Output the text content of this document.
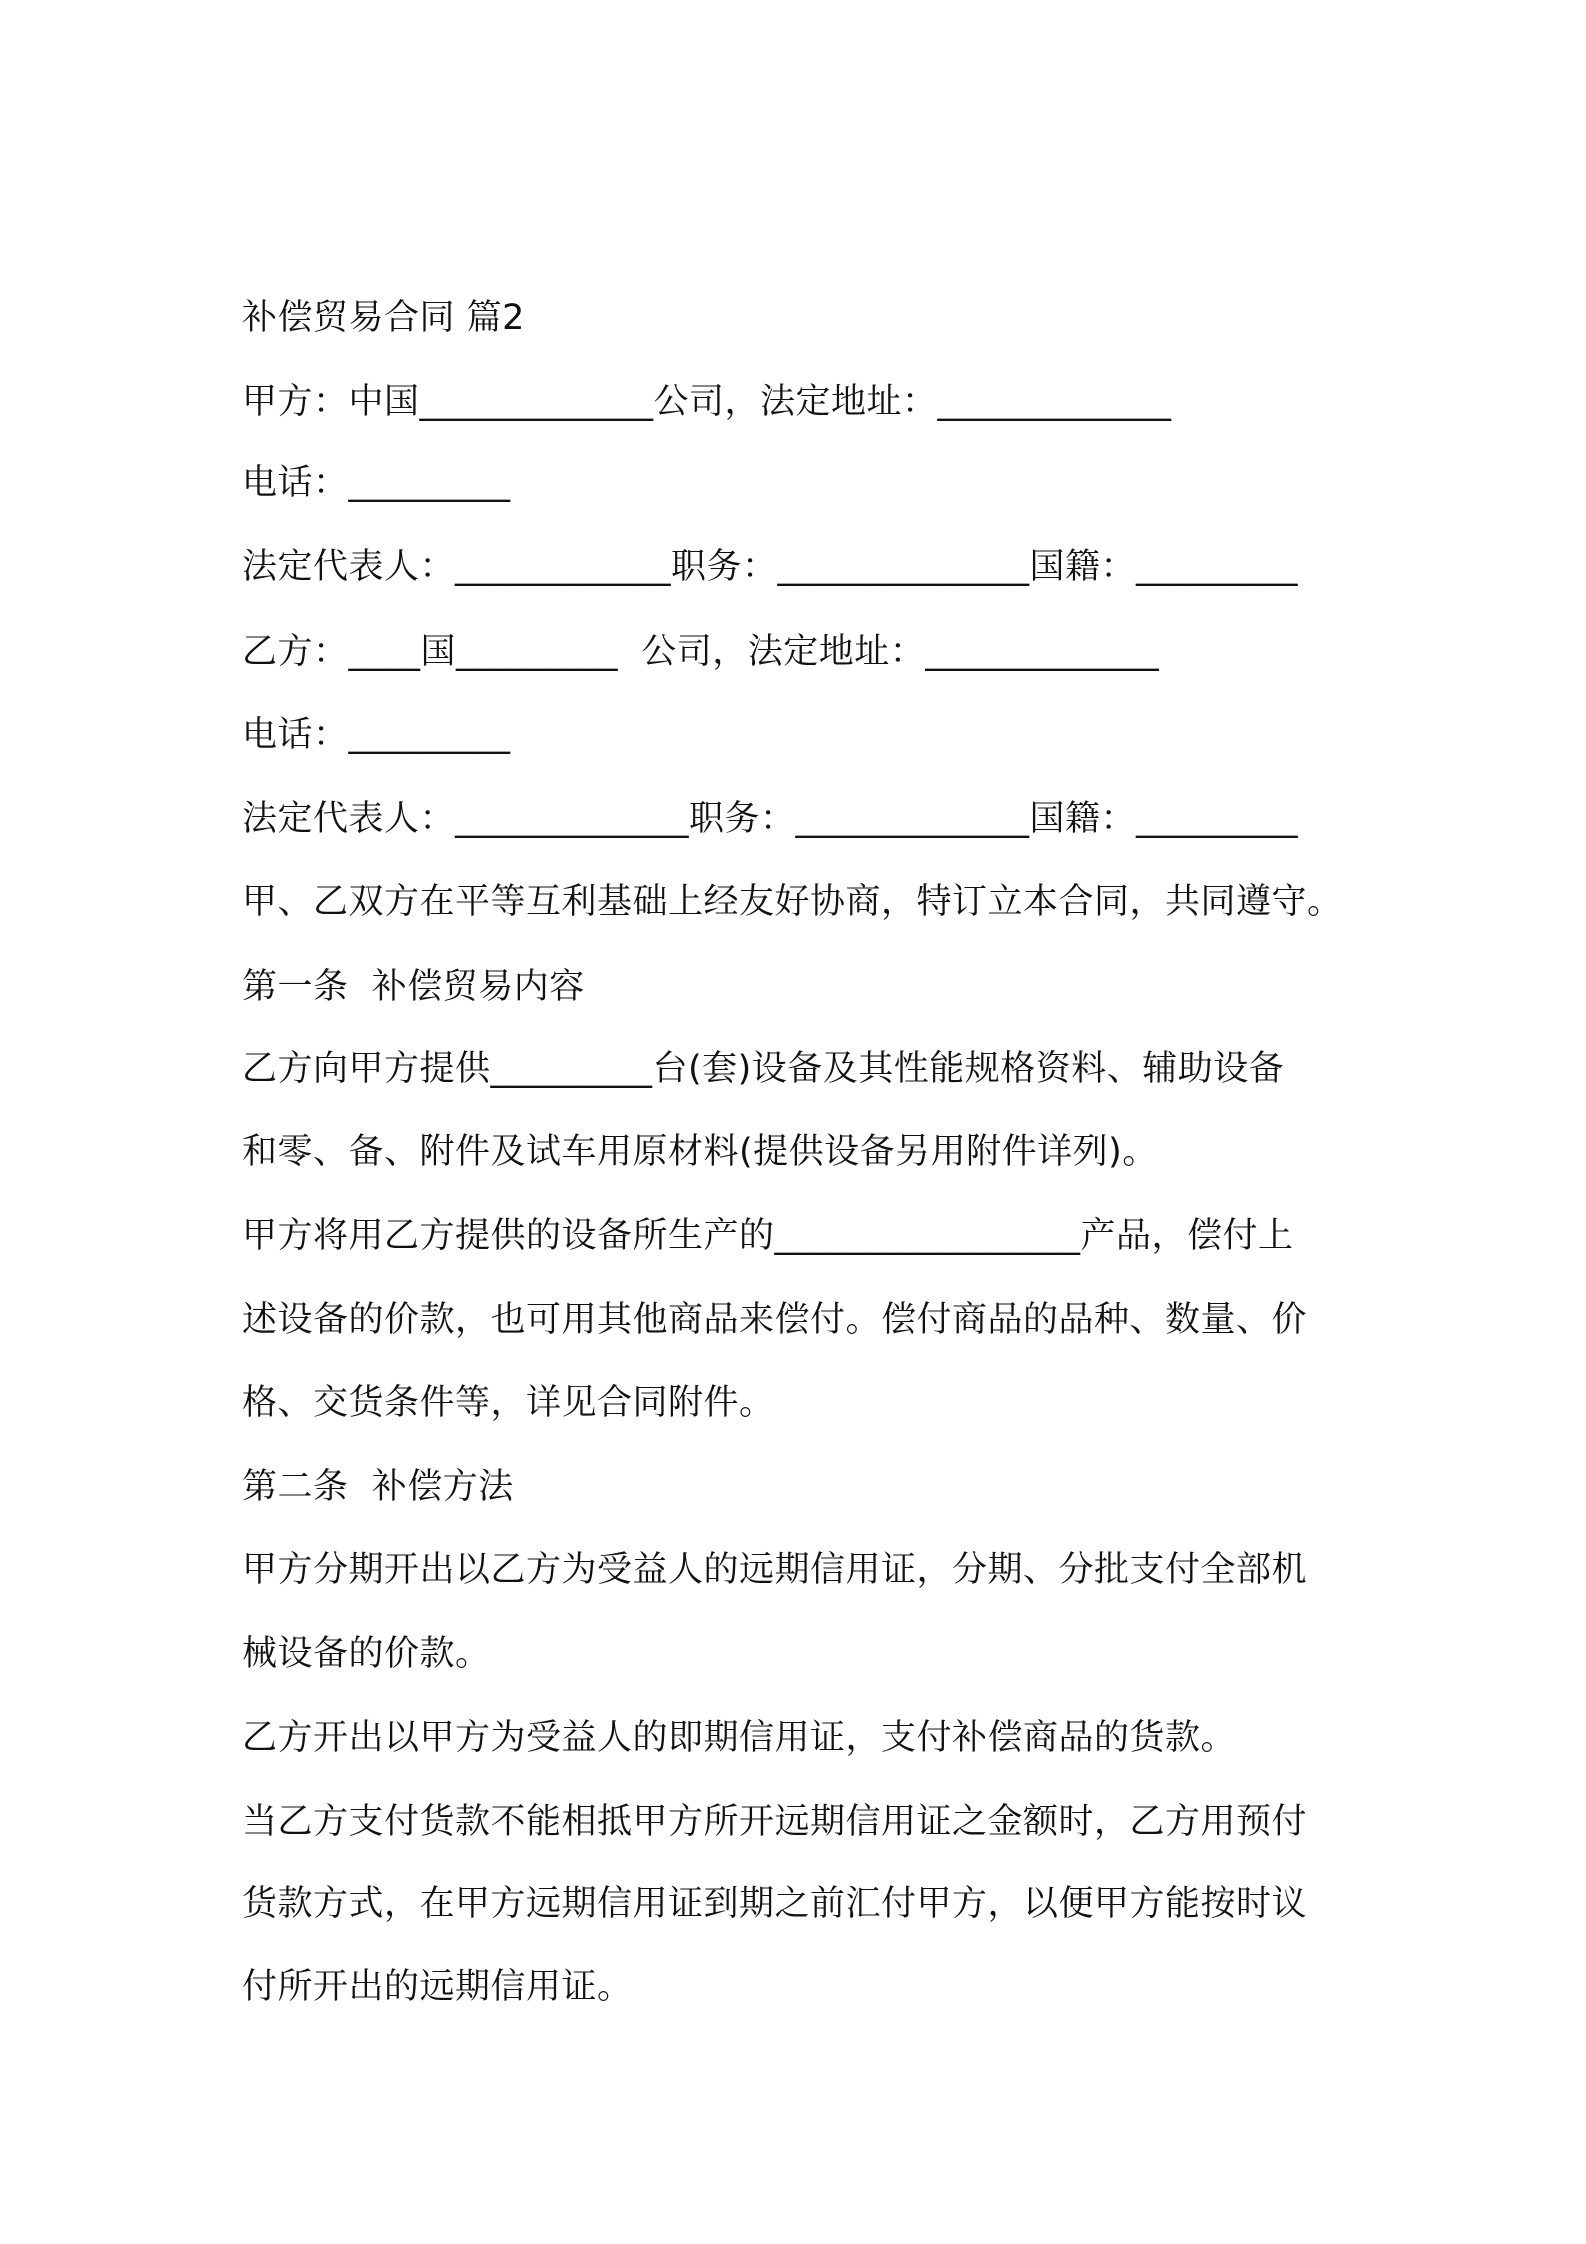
补偿贸易合同 篇2
甲方：中国_____________公司，法定地址：_____________
电话：_________
法定代表人：____________职务：______________国籍：_________
乙方：____国_________  公司，法定地址：_____________
电话：_________
法定代表人：_____________职务：_____________国籍：_________
甲、乙双方在平等互利基础上经友好协商，特订立本合同，共同遵守。
第一条  补偿贸易内容
乙方向甲方提供_________台(套)设备及其性能规格资料、辅助设备
和零、备、附件及试车用原材料(提供设备另用附件详列)。
甲方将用乙方提供的设备所生产的_________________产品，偿付上
述设备的价款，也可用其他商品来偿付。偿付商品的品种、数量、价
格、交货条件等，详见合同附件。
第二条  补偿方法
甲方分期开出以乙方为受益人的远期信用证，分期、分批支付全部机
械设备的价款。
乙方开出以甲方为受益人的即期信用证，支付补偿商品的货款。
当乙方支付货款不能相抵甲方所开远期信用证之金额时，乙方用预付
货款方式，在甲方远期信用证到期之前汇付甲方，以便甲方能按时议
付所开出的远期信用证。
